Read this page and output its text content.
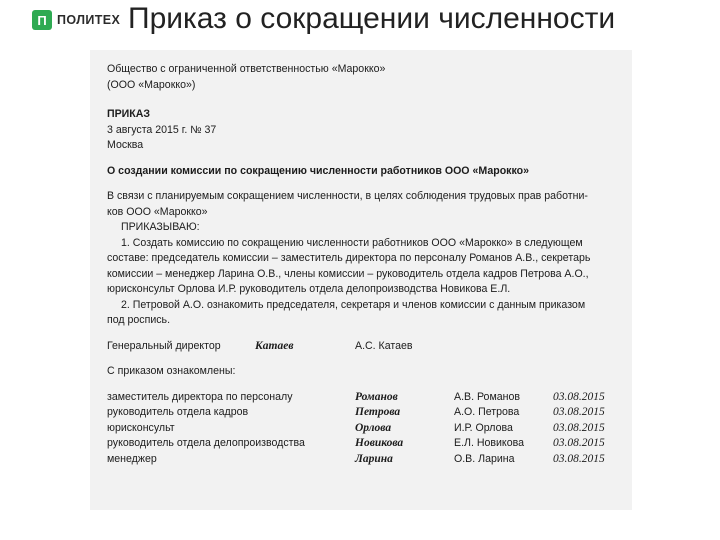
П ПОЛИТЕХ Приказ о сокращении численности

Общество с ограниченной ответственностью «Марокко»

(ООО «Марокко»)

ПРИКАЗ

3 августа 2015 г. № 37

Москва

О создании комиссии по сокращению численности работников ООО «Марокко»

В связи с планируемым сокращением численности, в целях соблюдения трудовых прав работни-

ков ООО «Марокко»

ПРИКАЗЫВАЮ:

1. Создать комиссию по сокращению численности работников ООО «Марокко» в следующем

составе: председатель комиссии – заместитель директора по персоналу Романов А.В., секретарь

комиссии – менеджер Ларина О.В., члены комиссии – руководитель отдела кадров Петрова А.О.,

юрисконсульт Орлова И.Р. руководитель отдела делопроизводства Новикова Е.Л.

2. Петровой А.О. ознакомить председателя, секретаря и членов комиссии с данным приказом

под роспись.

Генеральный директор	Катаев	А.С. Катаев

С приказом ознакомлены:

заместитель директора по персоналу	Романов	А.В. Романов	03.08.2015
руководитель отдела кадров	Петрова	А.О. Петрова	03.08.2015
юрисконсульт	Орлова	И.Р. Орлова	03.08.2015
руководитель отдела делопроизводства	Новикова	Е.Л. Новикова	03.08.2015
менеджер	Ларина	О.В. Ларина	03.08.2015
